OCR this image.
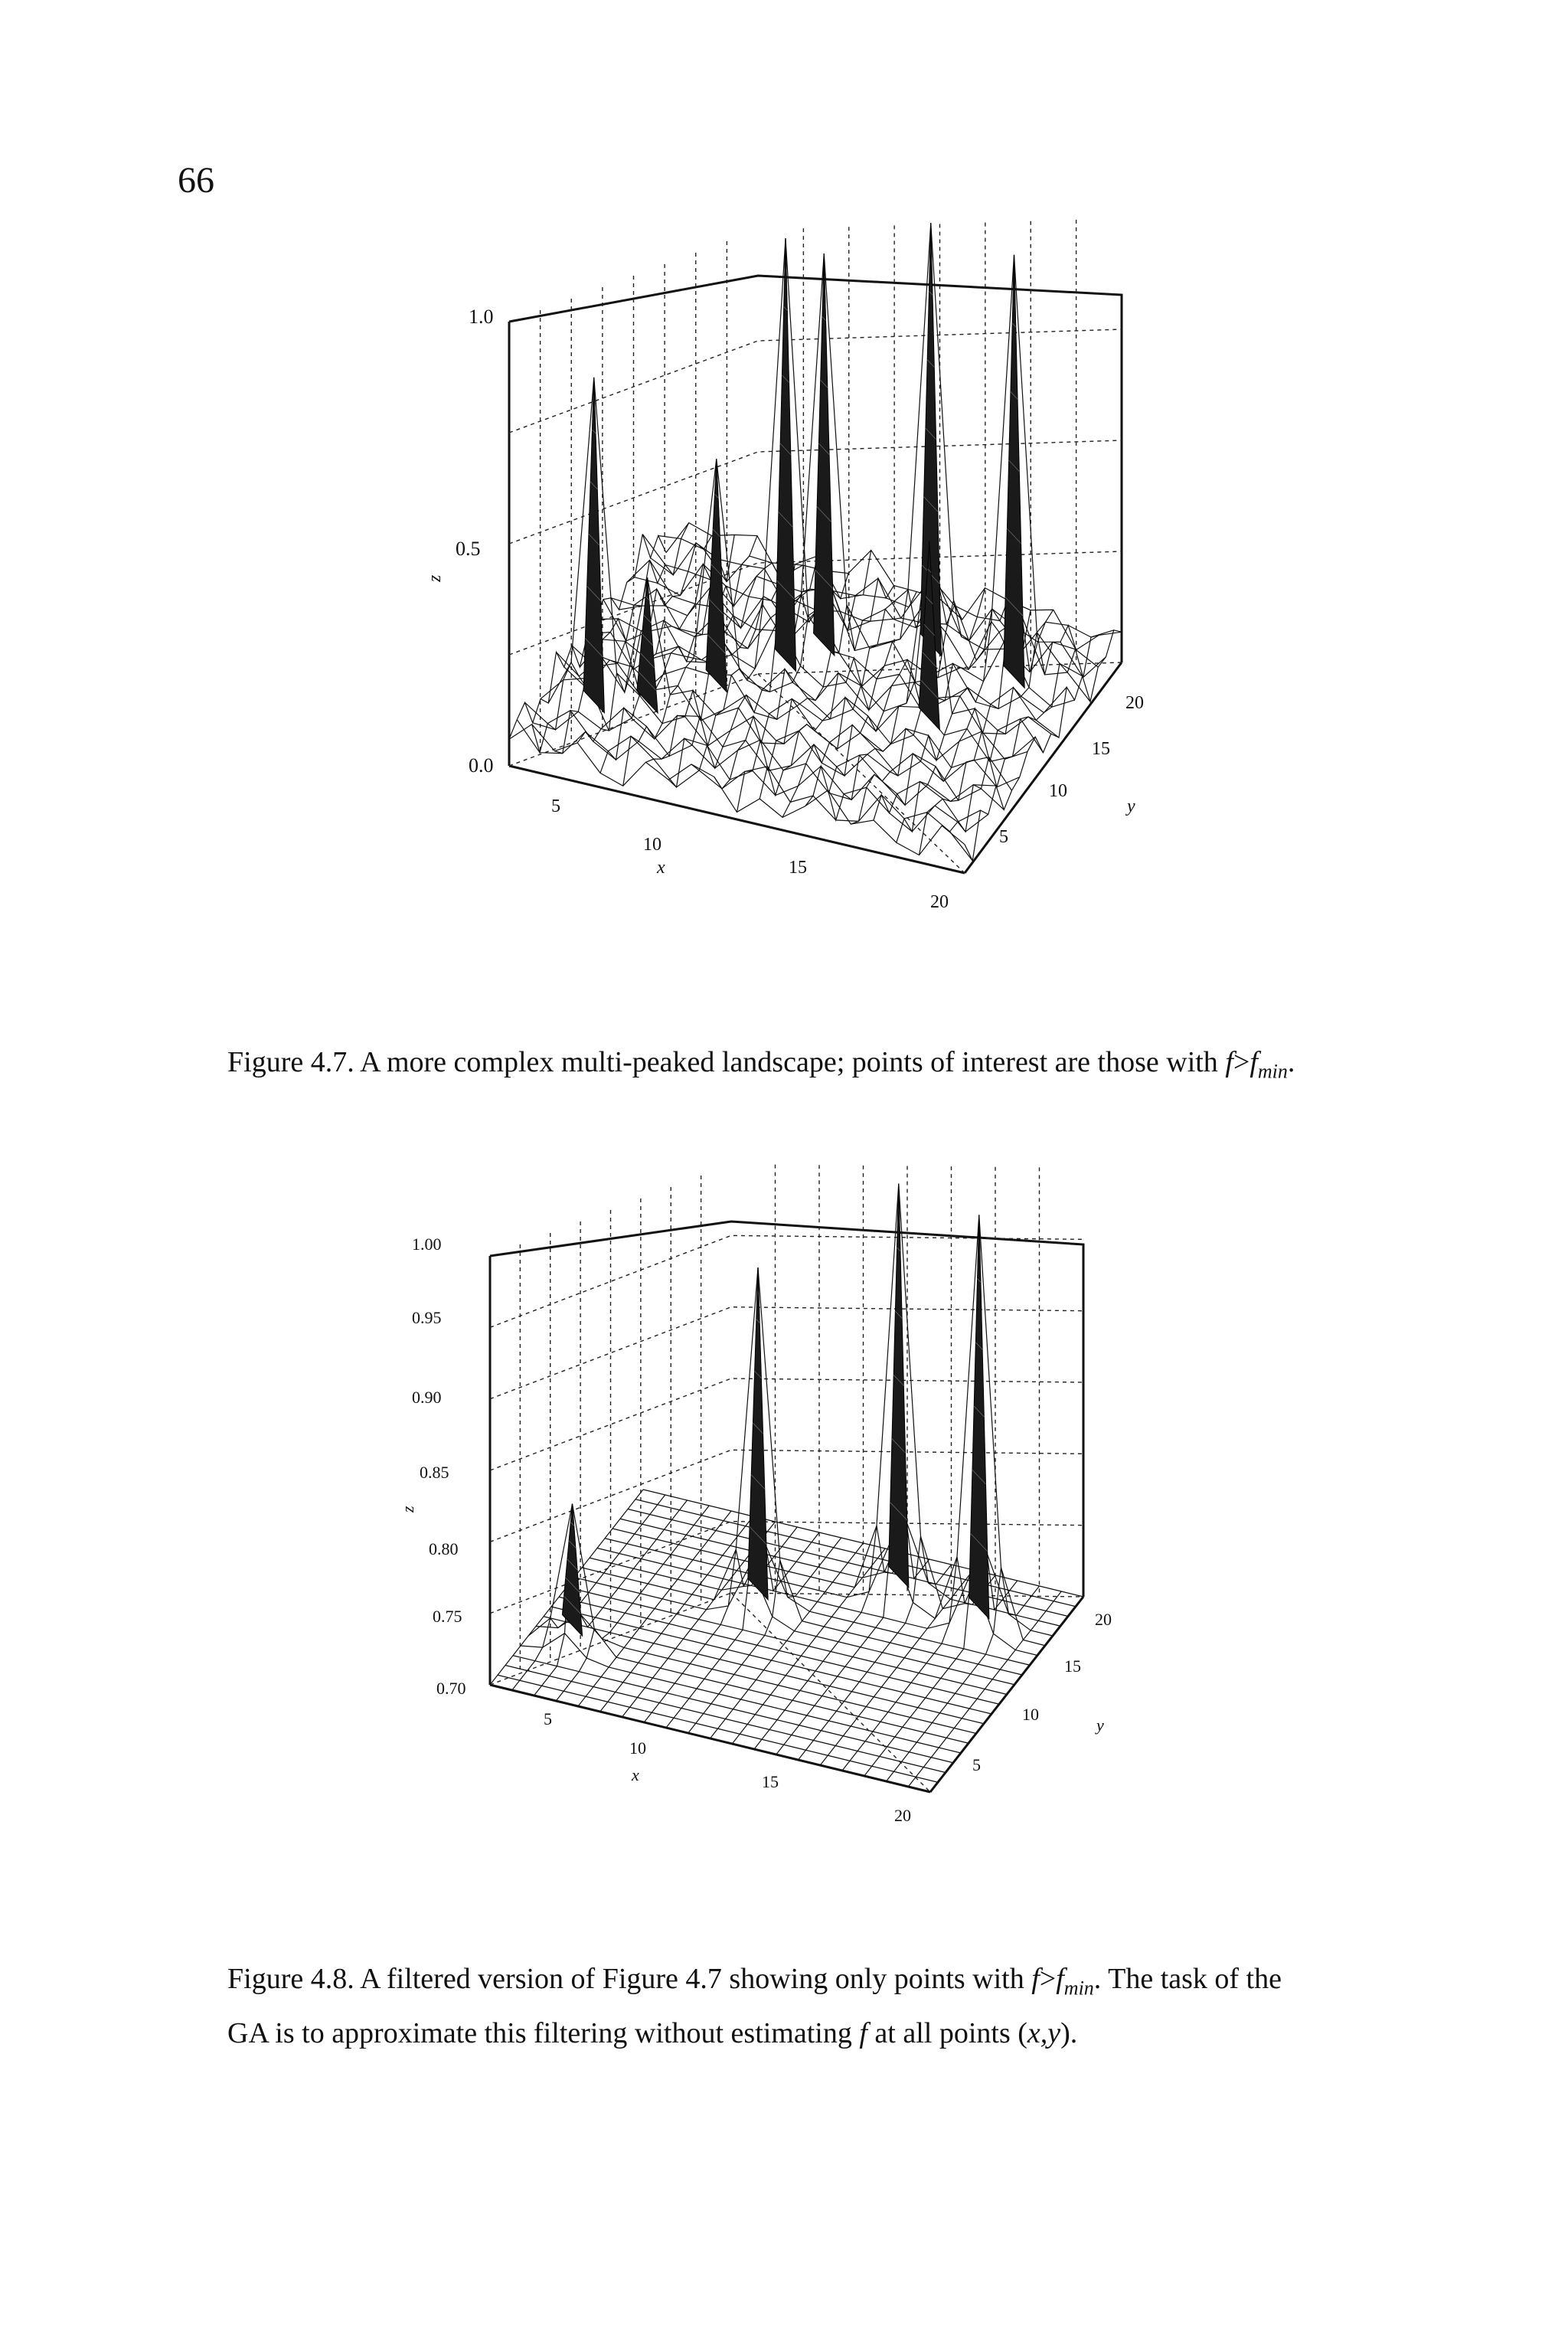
66
1.0
0.5
0.0
z
5
10
15
20
x
5
10
15
20
y
Figure 4.7. A more complex multi-peaked landscape; points of interest are those with $f>f_{min}$.
1.00
0.95
0.90
0.85
0.80
0.75
0.70
z
5
10
15
20
x
5
10
15
20
y
Figure 4.8. A filtered version of Figure 4.7 showing only points with $f>f_{min}$. The task of the
GA is to approximate this filtering without estimating f at all points (x,y).
